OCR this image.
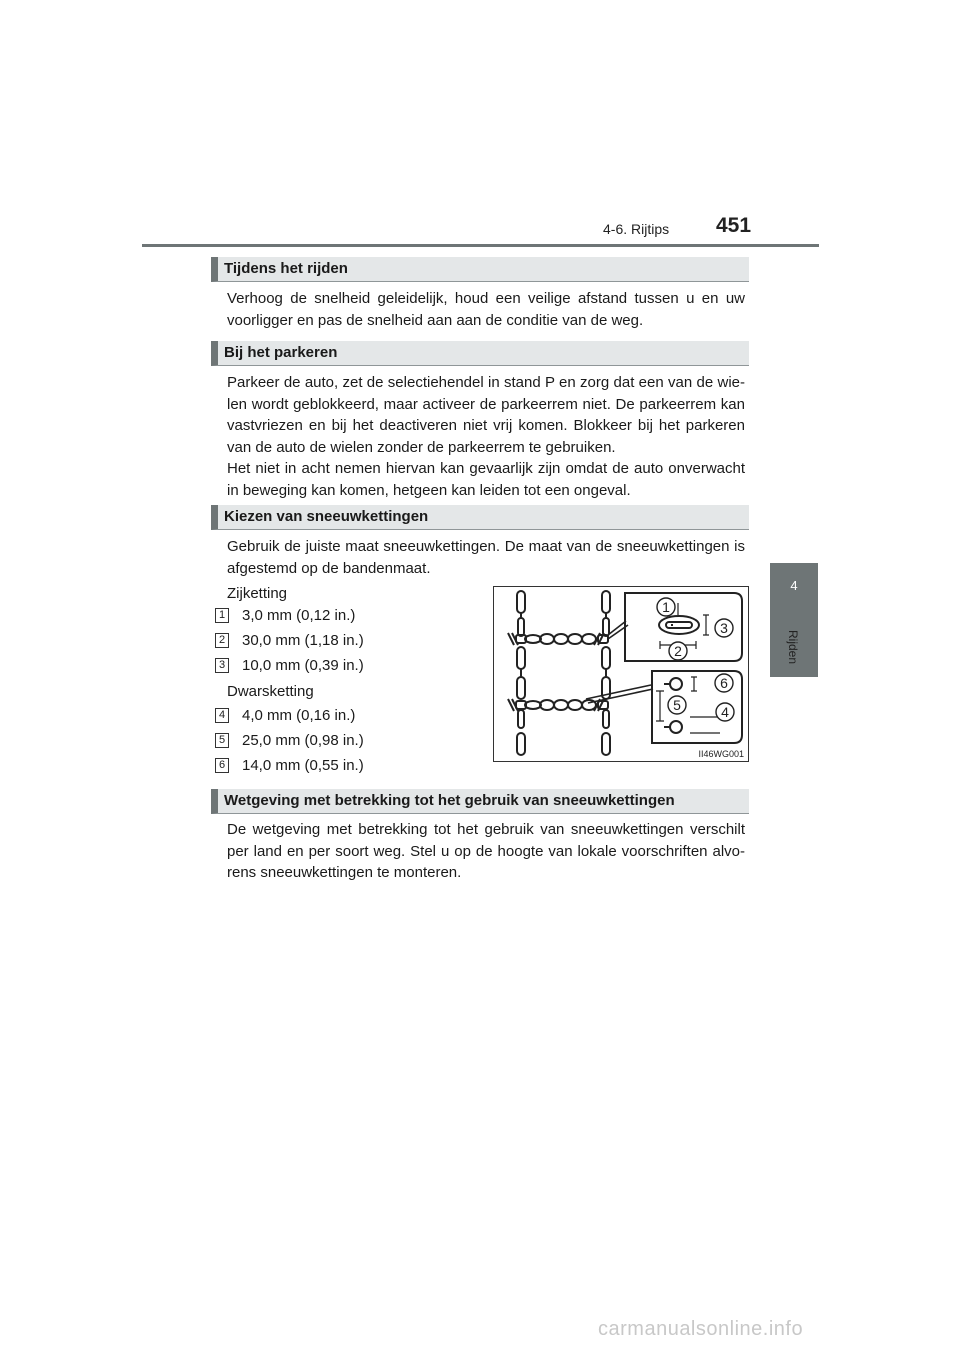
4-6. Rijtips 451
4
Rijden
Tijdens het rijden
Verhoog de snelheid geleidelijk, houd een veilige afstand tussen u en uw voorligger en pas de snelheid aan aan de conditie van de weg.
Bij het parkeren
Parkeer de auto, zet de selectiehendel in stand P en zorg dat een van de wie-len wordt geblokkeerd, maar activeer de parkeerrem niet. De parkeerrem kan vastvriezen en bij het deactiveren niet vrij komen. Blokkeer bij het parkeren van de auto de wielen zonder de parkeerrem te gebruiken.
Het niet in acht nemen hiervan kan gevaarlijk zijn omdat de auto onverwacht in beweging kan komen, hetgeen kan leiden tot een ongeval.
Kiezen van sneeuwkettingen
Gebruik de juiste maat sneeuwkettingen. De maat van de sneeuwkettingen is afgestemd op de bandenmaat.
Zijketting
1 3,0 mm (0,12 in.)
2 30,0 mm (1,18 in.)
3 10,0 mm (0,39 in.)
Dwarsketting
4 4,0 mm (0,16 in.)
5 25,0 mm (0,98 in.)
6 14,0 mm (0,55 in.)
1
2
3
4
5
6
II46WG001
Wetgeving met betrekking tot het gebruik van sneeuwkettingen
De wetgeving met betrekking tot het gebruik van sneeuwkettingen verschilt per land en per soort weg. Stel u op de hoogte van lokale voorschriften alvo-rens sneeuwkettingen te monteren.
carmanualsonline.info
